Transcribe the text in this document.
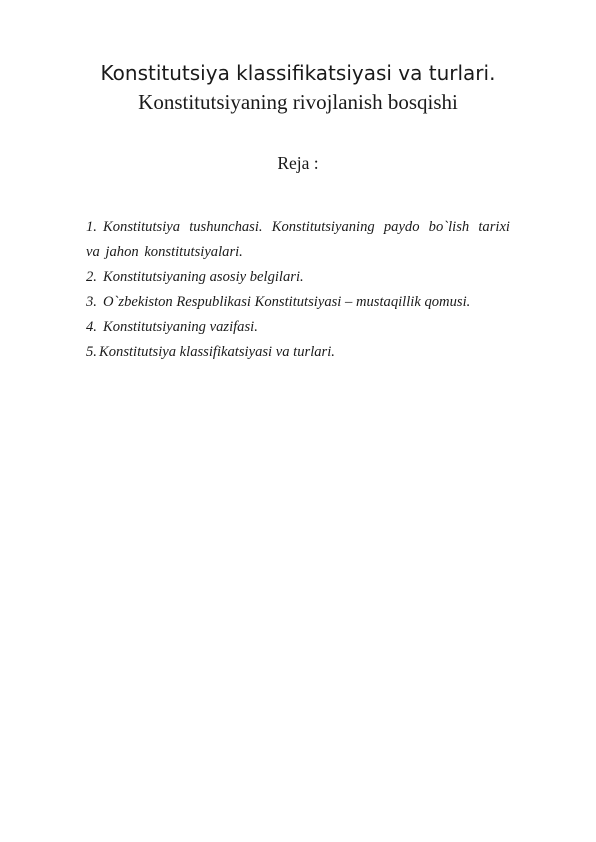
Konstitutsiya klassifikatsiyasi va turlari.
Konstitutsiyaning rivojlanish bosqishi
Reja :
1. Konstitutsiya tushunchasi. Konstitutsiyaning paydo bo`lish tarixi va jahon konstitutsiyalari.
2. Konstitutsiyaning asosiy belgilari.
3. O`zbekiston Respublikasi Konstitutsiyasi – mustaqillik qomusi.
4. Konstitutsiyaning vazifasi.
5. Konstitutsiya klassifikatsiyasi va turlari.
